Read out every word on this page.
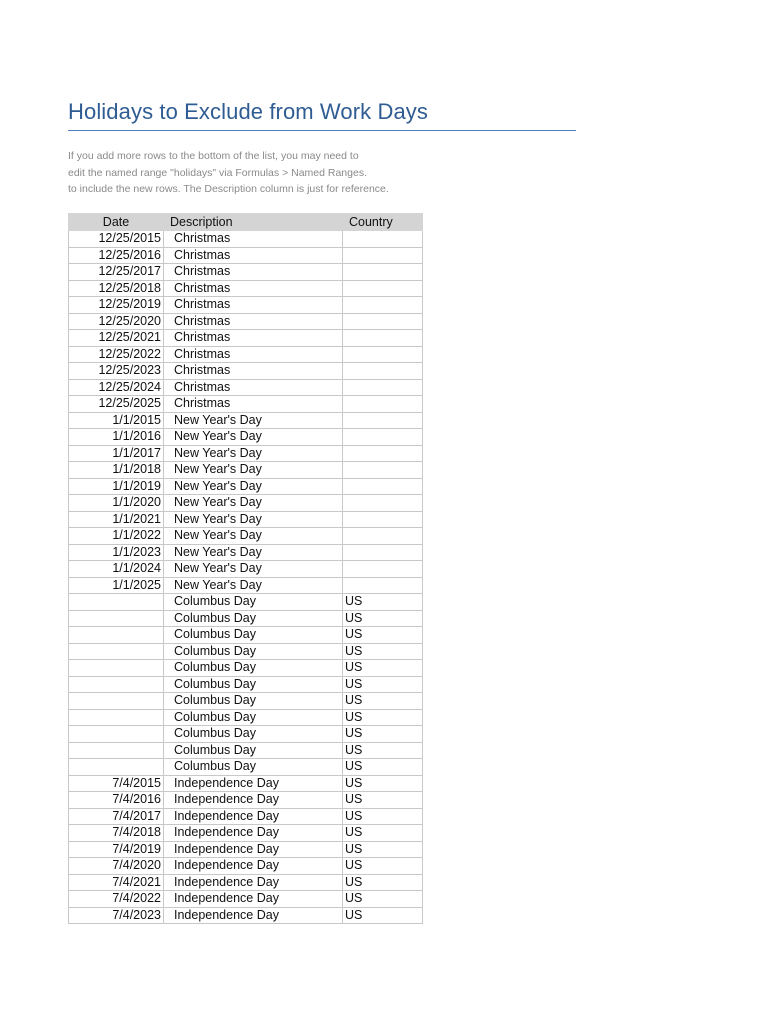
Holidays to Exclude from Work Days
If you add more rows to the bottom of the list, you may need to
edit the named range "holidays" via Formulas > Named Ranges.
to include the new rows. The Description column is just for reference.
Date	Description	Country
12/25/2015	Christmas	
12/25/2016	Christmas	
12/25/2017	Christmas	
12/25/2018	Christmas	
12/25/2019	Christmas	
12/25/2020	Christmas	
12/25/2021	Christmas	
12/25/2022	Christmas	
12/25/2023	Christmas	
12/25/2024	Christmas	
12/25/2025	Christmas	
1/1/2015	New Year's Day	
1/1/2016	New Year's Day	
1/1/2017	New Year's Day	
1/1/2018	New Year's Day	
1/1/2019	New Year's Day	
1/1/2020	New Year's Day	
1/1/2021	New Year's Day	
1/1/2022	New Year's Day	
1/1/2023	New Year's Day	
1/1/2024	New Year's Day	
1/1/2025	New Year's Day	
	Columbus Day	US
	Columbus Day	US
	Columbus Day	US
	Columbus Day	US
	Columbus Day	US
	Columbus Day	US
	Columbus Day	US
	Columbus Day	US
	Columbus Day	US
	Columbus Day	US
	Columbus Day	US
7/4/2015	Independence Day	US
7/4/2016	Independence Day	US
7/4/2017	Independence Day	US
7/4/2018	Independence Day	US
7/4/2019	Independence Day	US
7/4/2020	Independence Day	US
7/4/2021	Independence Day	US
7/4/2022	Independence Day	US
7/4/2023	Independence Day	US
